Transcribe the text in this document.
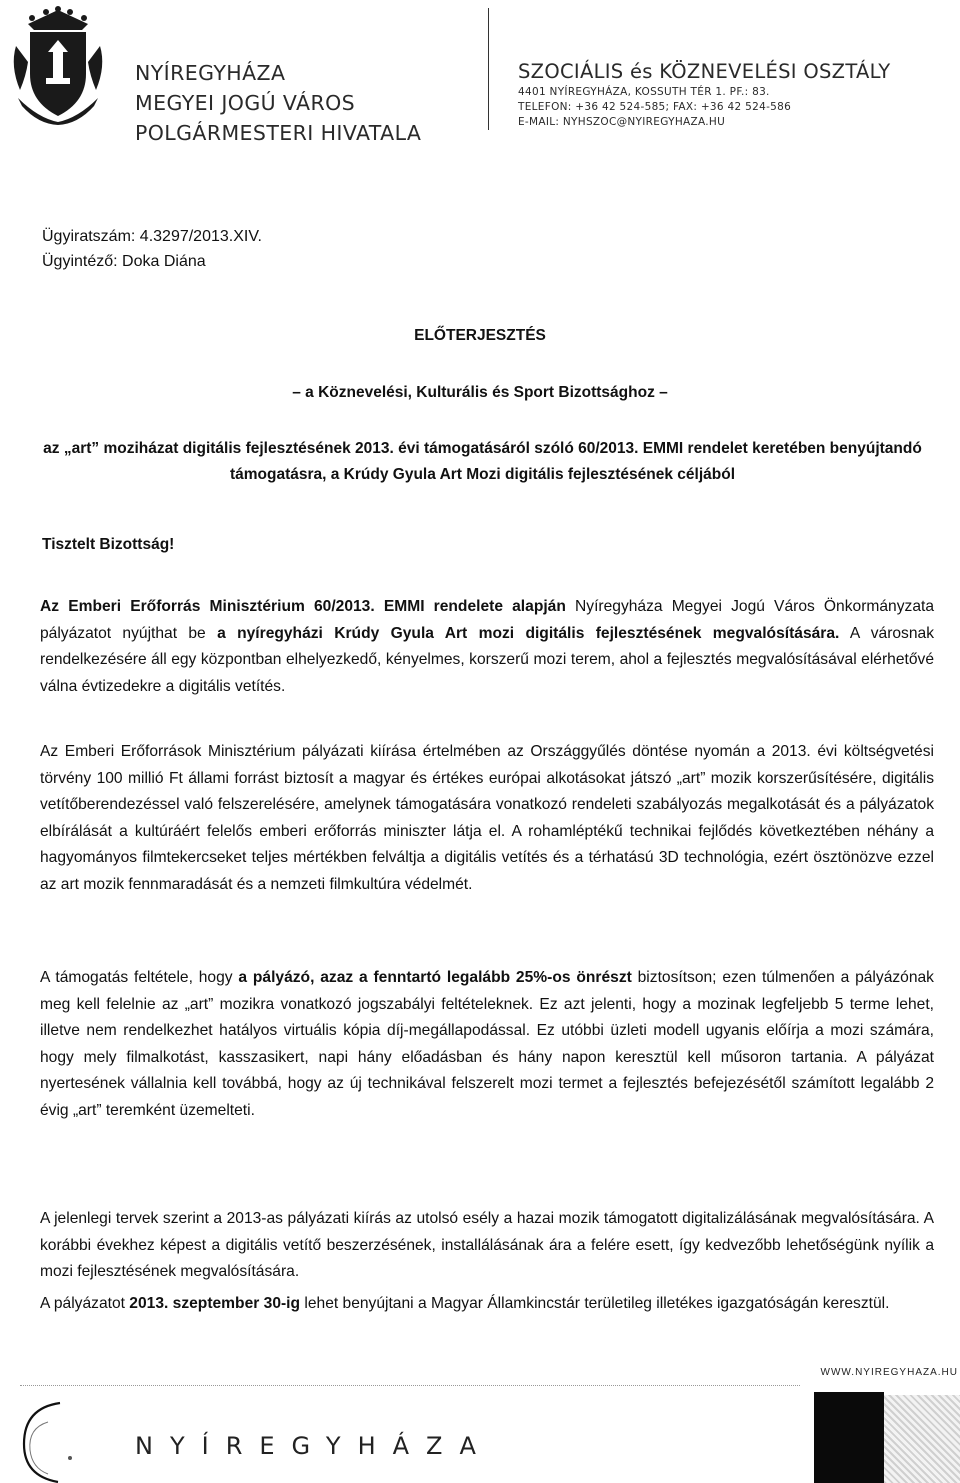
NYÍREGYHÁZA
MEGYEI JOGÚ VÁROS
POLGÁRMESTERI HIVATALA
SZOCIÁLIS és KÖZNEVELÉSI OSZTÁLY
4401 NYÍREGYHÁZA, KOSSUTH TÉR 1. PF.: 83.
TELEFON: +36 42 524-585; FAX: +36 42 524-586
E-MAIL: NYHSZOC@NYIREGYHAZA.HU
Ügyiratszám: 4.3297/2013.XIV.
Ügyintéző: Doka Diána
ELŐTERJESZTÉS
– a Köznevelési, Kulturális és Sport Bizottsághoz –
az „art” moziházat digitális fejlesztésének 2013. évi támogatásáról szóló 60/2013. EMMI rendelet keretében benyújtandó támogatásra, a Krúdy Gyula Art Mozi digitális fejlesztésének céljából
Tisztelt Bizottság!

Az Emberi Erőforrás Minisztérium 60/2013. EMMI rendelete alapján Nyíregyháza Megyei Jogú Város Önkormányzata pályázatot nyújthat be a nyíregyházi Krúdy Gyula Art mozi digitális fejlesztésének megvalósítására. A városnak rendelkezésére áll egy központban elhelyezkedő, kényelmes, korszerű mozi terem, ahol a fejlesztés megvalósításával elérhetővé válna évtizedekre a digitális vetítés.

Az Emberi Erőforrások Minisztérium pályázati kiírása értelmében az Országgyűlés döntése nyomán a 2013. évi költségvetési törvény 100 millió Ft állami forrást biztosít a magyar és értékes európai alkotásokat játszó „art” mozik korszerűsítésére, digitális vetítőberendezéssel való felszerelésére, amelynek támogatására vonatkozó rendeleti szabályozás megalkotását és a pályázatok elbírálását a kultúráért felelős emberi erőforrás miniszter látja el. A rohamléptékű technikai fejlődés következtében néhány a hagyományos filmtekercseket teljes mértékben felváltja a digitális vetítés és a térhatású 3D technológia, ezért ösztönözve ezzel az art mozik fennmaradását és a nemzeti filmkultúra védelmét.

A támogatás feltétele, hogy a pályázó, azaz a fenntartó legalább 25%-os önrészt biztosítson; ezen túlmenően a pályázónak meg kell felelnie az „art” mozikra vonatkozó jogszabályi feltételeknek. Ez azt jelenti, hogy a mozinak legfeljebb 5 terme lehet, illetve nem rendelkezhet hatályos virtuális kópia díj-megállapodással. Ez utóbbi üzleti modell ugyanis előírja a mozi számára, hogy mely filmalkotást, kasszasikert, napi hány előadásban és hány napon keresztül kell műsoron tartania. A pályázat nyertesének vállalnia kell továbbá, hogy az új technikával felszerelt mozi termet a fejlesztés befejezésétől számított legalább 2 évig „art” teremként üzemelteti.

A jelenlegi tervek szerint a 2013-as pályázati kiírás az utolsó esély a hazai mozik támogatott digitalizálásának megvalósítására. A korábbi évekhez képest a digitális vetítő beszerzésének, installálásának ára a felére esett, így kedvezőbb lehetőségünk nyílik a mozi fejlesztésének megvalósítására.

A pályázatot 2013. szeptember 30-ig lehet benyújtani a Magyar Államkincstár területileg illetékes igazgatóságán keresztül.

WWW.NYIREGYHAZA.HU
NYÍREGYHÁZA
